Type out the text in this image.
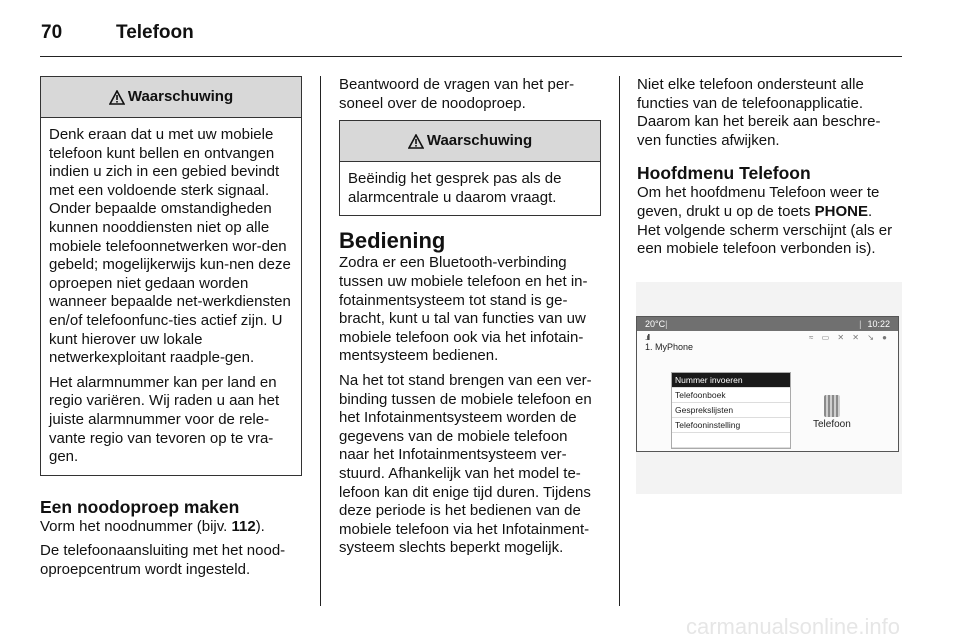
70	Telefoon
Waarschuwing

Denk eraan dat u met uw mobiele telefoon kunt bellen en ontvangen indien u zich in een gebied bevindt met een voldoende sterk signaal. Onder bepaalde omstandigheden kunnen nooddiensten niet op alle mobiele telefoonnetwerken wor-den gebeld; mogelijkerwijs kun-nen deze oproepen niet gedaan worden wanneer bepaalde net-werkdiensten en/of telefoonfunc-ties actief zijn. U kunt hierover uw lokale netwerkexploitant raadple-gen.

Het alarmnummer kan per land en regio variëren. Wij raden u aan het juiste alarmnummer voor de rele-vante regio van tevoren op te vra-gen.

Een noodoproep maken

Vorm het noodnummer (bijv. 112).

De telefoonaansluiting met het nood-oproepcentrum wordt ingesteld.

Beantwoord de vragen van het per-soneel over de noodoproep.

Waarschuwing

Beëindig het gesprek pas als de alarmcentrale u daarom vraagt.

Bediening

Zodra er een Bluetooth-verbinding tussen uw mobiele telefoon en het in-fotainmentsysteem tot stand is ge-bracht, kunt u tal van functies van uw mobiele telefoon ook via het infotain-mentsysteem bedienen.

Na het tot stand brengen van een ver-binding tussen de mobiele telefoon en het Infotainmentsysteem worden de gegevens van de mobiele telefoon naar het Infotainmentsysteem ver-stuurd. Afhankelijk van het model te-lefoon kan dit enige tijd duren. Tijdens deze periode is het bedienen van de mobiele telefoon via het Infotainment-systeem slechts beperkt mogelijk.

Niet elke telefoon ondersteunt alle functies van de telefoonapplicatie. Daarom kan het bereik aan beschre-ven functies afwijken.

Hoofdmenu Telefoon

Om het hoofdmenu Telefoon weer te geven, drukt u op de toets PHONE.

Het volgende scherm verschijnt (als er een mobiele telefoon verbonden is).

20°C |	| 10:22
.ıll
1. MyPhone
≈ ▭ ✕ ✕ ↘ ●
Nummer invoeren
Telefoonboek
Gesprekslijsten
Telefooninstelling	Telefoon
carmanualsonline.info
